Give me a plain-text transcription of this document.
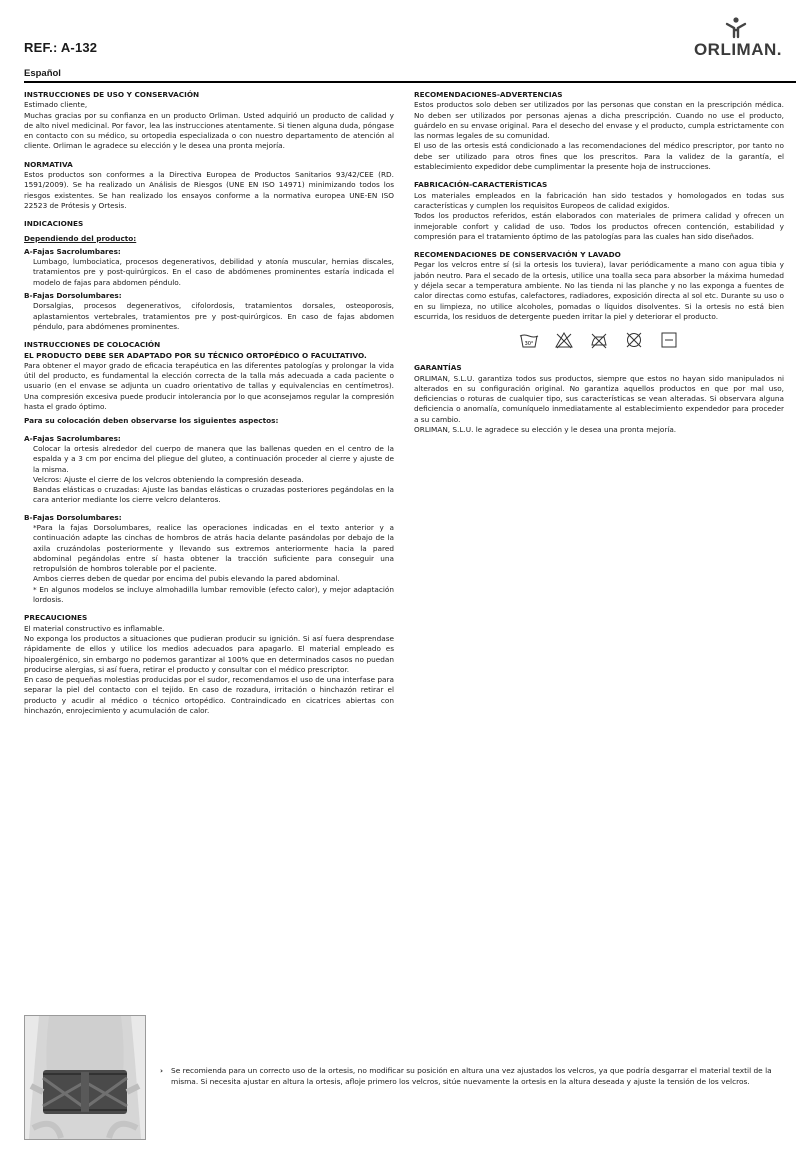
REF.: A-132	ORLIMAN.
Español

INSTRUCCIONES DE USO Y CONSERVACIÓN

Estimado cliente,

Muchas gracias por su confianza en un producto Orliman. Usted adquirió un producto de calidad y de alto nivel medicinal. Por favor, lea las instrucciones atentamente. Si tienen alguna duda, póngase en contacto con su médico, su ortopedia especializada o con nuestro departamento de atención al cliente. Orliman le agradece su elección y le desea una pronta mejoría.

NORMATIVA

Estos productos son conformes a la Directiva Europea de Productos Sanitarios 93/42/CEE (RD. 1591/2009). Se ha realizado un Análisis de Riesgos (UNE EN ISO 14971) minimizando todos los riesgos existentes. Se han realizado los ensayos conforme a la normativa europea UNE-EN ISO 22523 de Prótesis y Ortesis.

INDICACIONES

Dependiendo del producto:

A-Fajas Sacrolumbares:

Lumbago, lumbociatica, procesos degenerativos, debilidad y atonía muscular, hernias discales, tratamientos pre y post-quirúrgicos. En el caso de abdómenes prominentes estaría indicada el modelo de fajas para abdomen péndulo.

B-Fajas Dorsolumbares:

Dorsalgias, procesos degenerativos, cifolordosis, tratamientos dorsales, osteoporosis, aplastamientos vertebrales, tratamientos pre y post-quirúrgicos. En caso de fajas abdomen péndulo, para abdómenes prominentes.

INSTRUCCIONES DE COLOCACIÓN

EL PRODUCTO DEBE SER ADAPTADO POR SU TÉCNICO ORTOPÉDICO O FACULTATIVO.

Para obtener el mayor grado de eficacia terapéutica en las diferentes patologías y prolongar la vida útil del producto, es fundamental la elección correcta de la talla más adecuada a cada paciente o usuario (en el envase se adjunta un cuadro orientativo de tallas y equivalencias en centímetros). Una compresión excesiva puede producir intolerancia por lo que aconsejamos regular la compresión hasta el grado óptimo.

Para su colocación deben observarse los siguientes aspectos:

A-Fajas Sacrolumbares:

Colocar la ortesis alrededor del cuerpo de manera que las ballenas queden en el centro de la espalda y a 3 cm por encima del pliegue del gluteo, a continuación proceder al cierre y ajuste de la misma.

Velcros: Ajuste el cierre de los velcros obteniendo la compresión deseada.

Bandas elásticas o cruzadas: Ajuste las bandas elásticas o cruzadas posteriores pegándolas en la cara anterior mediante los cierre velcro delanteros.

B-Fajas Dorsolumbares:

*Para la fajas Dorsolumbares, realice las operaciones indicadas en el texto anterior y a continuación adapte las cinchas de hombros de atrás hacia delante pasándolas por debajo de la axila cruzándolas posteriormente y llevando sus extremos anteriormente hacia la pared abdominal pegándolas entre sí hasta obtener la tracción suficiente para conseguir una retropulsión de hombros tolerable por el paciente.

Ambos cierres deben de quedar por encima del pubis elevando la pared abdominal.

* En algunos modelos se incluye almohadilla lumbar removible (efecto calor), y mejor adaptación lordosis.

PRECAUCIONES

El material constructivo es inflamable.

No exponga los productos a situaciones que pudieran producir su ignición. Si así fuera desprendase rápidamente de ellos y utilice los medios adecuados para apagarlo. El material empleado es hipoalergénico, sin embargo no podemos garantizar al 100% que en determinados casos no puedan producirse alergias, si así fuera, retirar el producto y consultar con el médico prescriptor.

En caso de pequeñas molestias producidas por el sudor, recomendamos el uso de una interfase para separar la piel del contacto con el tejido. En caso de rozadura, irritación o hinchazón retirar el producto y acudir al médico o técnico ortopédico. Contraindicado en cicatrices abiertas con hinchazón, enrojecimiento y acumulación de calor.

RECOMENDACIONES-ADVERTENCIAS

Estos productos solo deben ser utilizados por las personas que constan en la prescripción médica. No deben ser utilizados por personas ajenas a dicha prescripción. Cuando no use el producto, guárdelo en su envase original. Para el desecho del envase y el producto, cumpla estrictamente con las normas legales de su comunidad.

El uso de las ortesis está condicionado a las recomendaciones del médico prescriptor, por tanto no debe ser utilizado para otros fines que los prescritos. Para la validez de la garantía, el establecimiento expedidor debe cumplimentar la presente hoja de instrucciones.

FABRICACIÓN-CARACTERÍSTICAS

Los materiales empleados en la fabricación han sido testados y homologados en todas sus características y cumplen los requisitos Europeos de calidad exigidos.

Todos los productos referidos, están elaborados con materiales de primera calidad y ofrecen un inmejorable confort y calidad de uso. Todos los productos ofrecen contención, estabilidad y compresión para el tratamiento óptimo de las patologías para las cuales han sido diseñados.

RECOMENDACIONES DE CONSERVACIÓN Y LAVADO

Pegar los velcros entre sí (si la ortesis los tuviera), lavar periódicamente a mano con agua tibia y jabón neutro. Para el secado de la ortesis, utilice una toalla seca para absorber la máxima humedad y déjela secar a temperatura ambiente. No las tienda ni las planche y no las exponga a fuentes de calor directas como estufas, calefactores, radiadores, exposición directa al sol etc. Durante su uso o en su limpieza, no utilice alcoholes, pomadas o líquidos disolventes. Si la ortesis no está bien escurrida, los residuos de detergente pueden irritar la piel y deteriorar el producto.

30°

GARANTÍAS

ORLIMAN, S.L.U. garantiza todos sus productos, siempre que estos no hayan sido manipulados ni alterados en su configuración original. No garantiza aquellos productos en que por mal uso, deficiencias o roturas de cualquier tipo, sus características se vean alteradas. Si observara alguna deficiencia o anomalía, comuníquelo inmediatamente al establecimiento expendedor para proceder a su cambio.

ORLIMAN, S.L.U. le agradece su elección y le desea una pronta mejoría.

› Se recomienda para un correcto uso de la ortesis, no modificar su posición en altura una vez ajustados los velcros, ya que podría desgarrar el material textil de la misma. Si necesita ajustar en altura la ortesis, afloje primero los velcros, sitúe nuevamente la ortesis en la altura deseada y ajuste la tensión de los velcros.
